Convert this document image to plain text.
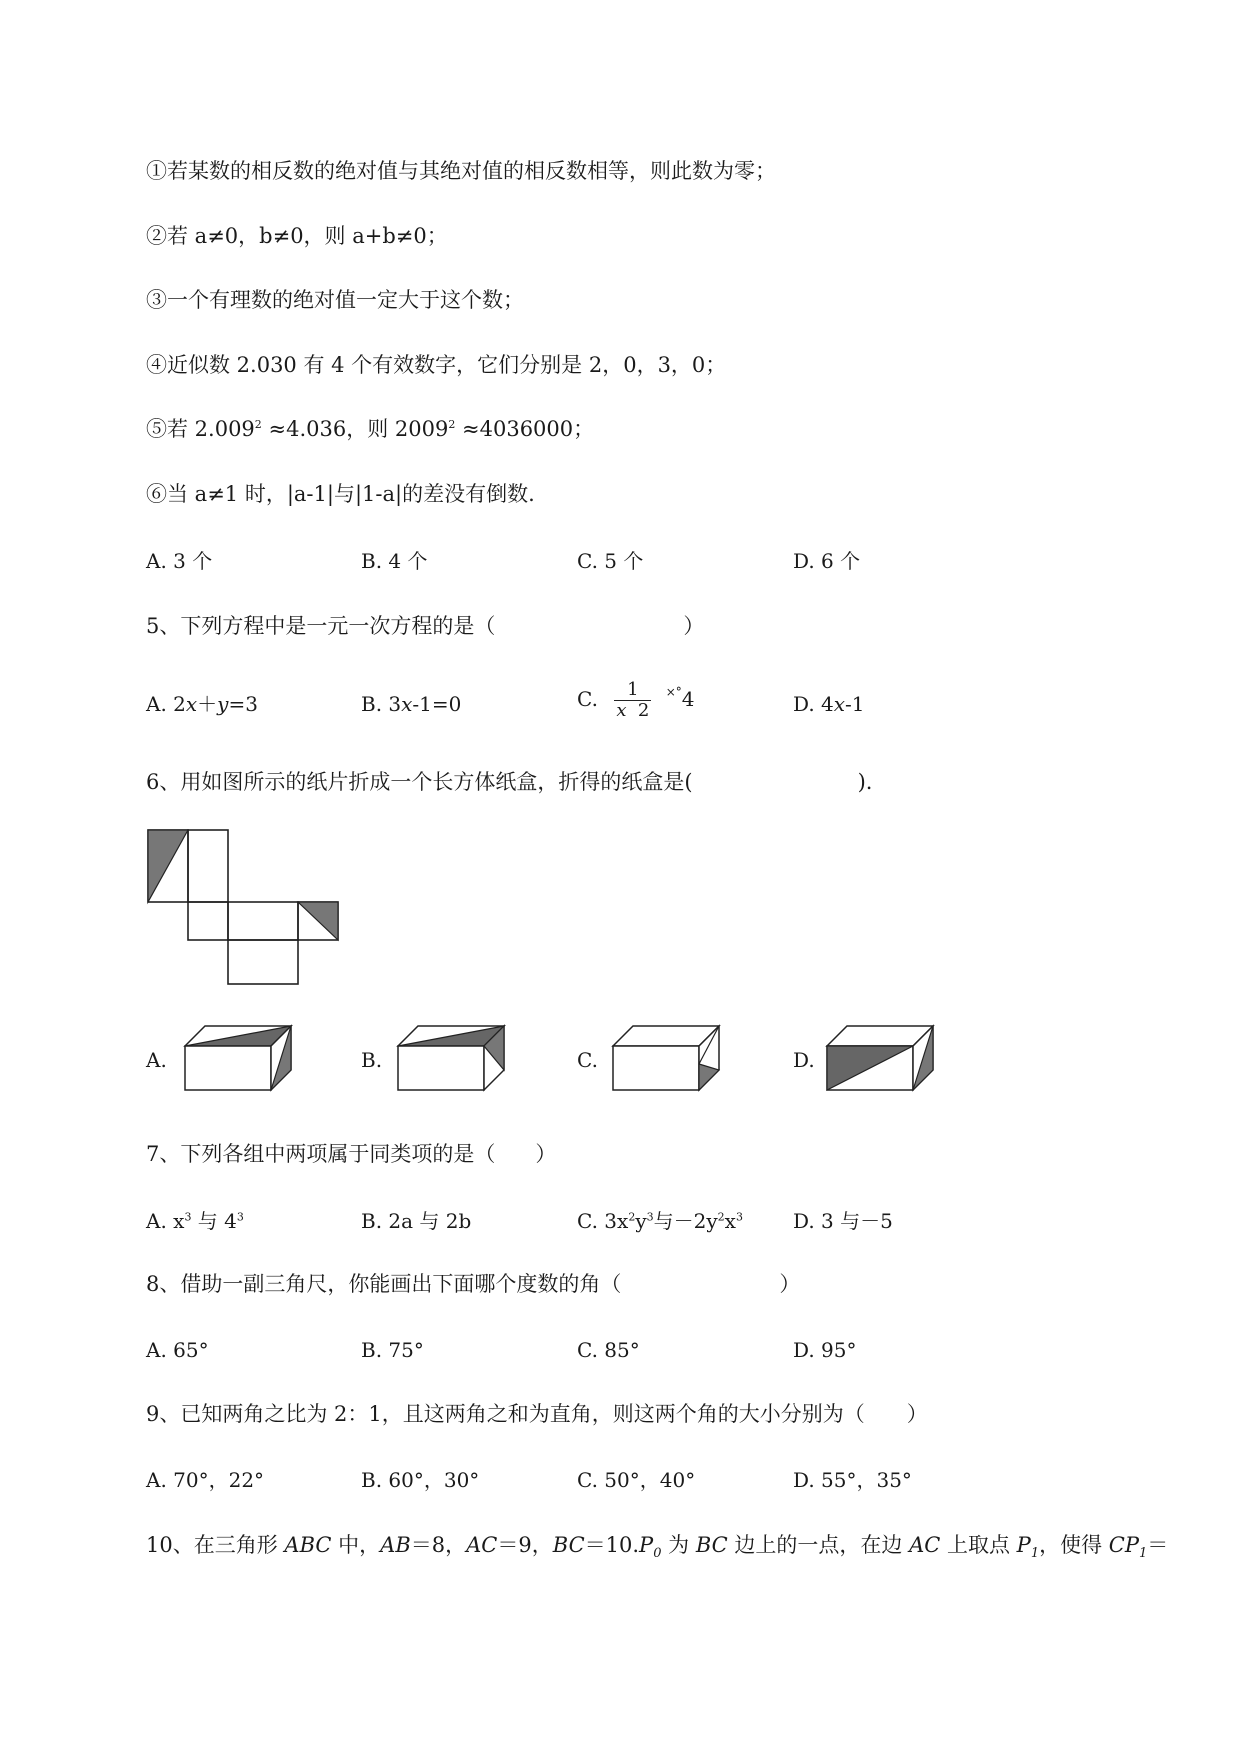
①若某数的相反数的绝对值与其绝对值的相反数相等，则此数为零；
②若 a≠0，b≠0，则 a+b≠0；
③一个有理数的绝对值一定大于这个数；
④近似数 2.030 有 4 个有效数字，它们分别是 2，0，3，0；
⑤若 $2.009^2 \approx 4.036$，则 $2009^2 \approx 4036000$；
⑥当 a≠1 时，|a-1|与|1-a|的差没有倒数.
A. 3 个	B. 4 个	C. 5 个	D. 6 个
5、下列方程中是一元一次方程的是（	）
A. 2x＋y=3	B. 3x-1=0	C. $\frac{1}{x 2} ^{\times^\circ}4$	D. 4x-1
6、用如图所示的纸片折成一个长方体纸盒，折得的纸盒是(	).
A.	B.	C.	D.
7、下列各组中两项属于同类项的是（ ）
A. $x^3$ 与 $4^3$	B. 2a 与 2b	C. $3x^2y^3$与$-2y^2x^3$	D. 3 与－5
8、借助一副三角尺，你能画出下面哪个度数的角（	）
A. 65°	B. 75°	C. 85°	D. 95°
9、已知两角之比为 2：1，且这两角之和为直角，则这两个角的大小分别为（ ）
A. 70°，22°	B. 60°，30°	C. 50°，40°	D. 55°，35°
10、在三角形 ABC 中，AB＝8，AC＝9，$BC=10.P_0$ 为 BC 边上的一点，在边 AC 上取点 $P_1$，使得 $CP_1=$
